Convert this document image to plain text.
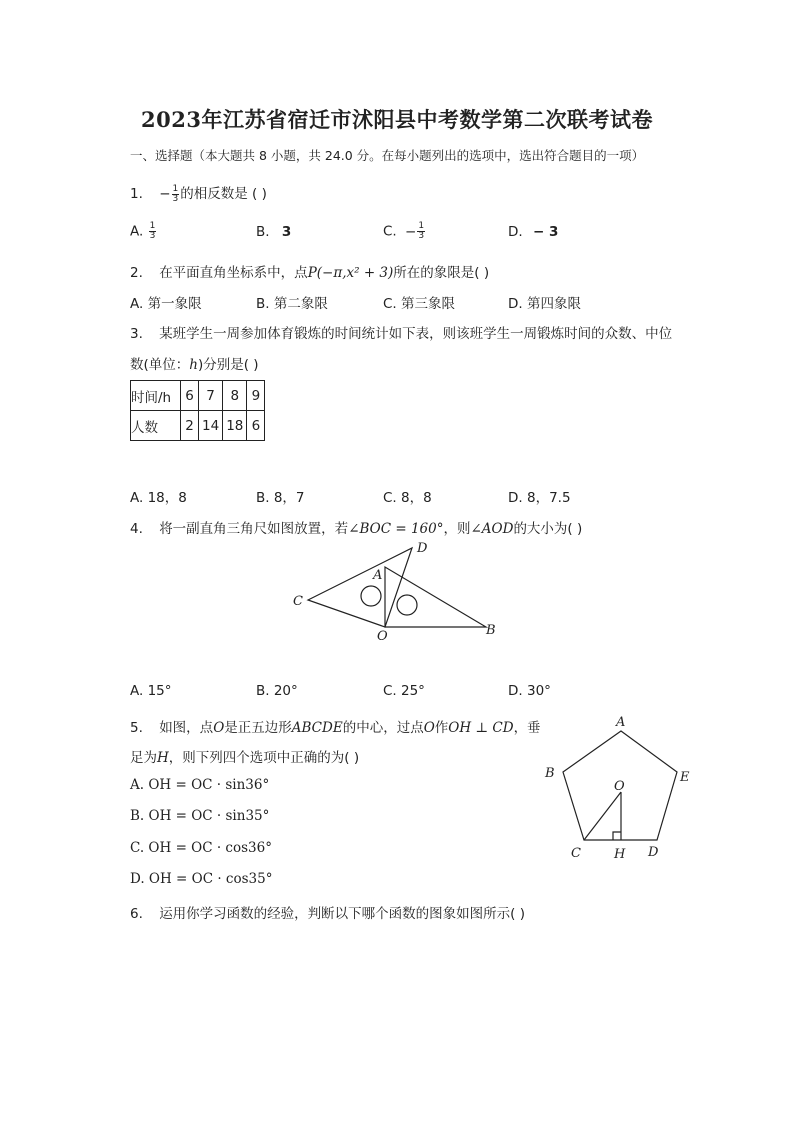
2023年江苏省宿迁市沭阳县中考数学第二次联考试卷
一、选择题（本大题共 8 小题，共 24.0 分。在每小题列出的选项中，选出符合题目的一项）
1. − $\frac{1}{3}$ 的相反数是 ( )
A. $\frac{1}{3}$	B. 3	C. − $\frac{1}{3}$	D. − 3
2. 在平面直角坐标系中，点P(−π,x² + 3)所在的象限是( )
A. 第一象限	B. 第二象限	C. 第三象限	D. 第四象限
3. 某班学生一周参加体育锻炼的时间统计如下表，则该班学生一周锻炼时间的众数、中位
数(单位：h)分别是( )
时间/h	6	7	8	9
人数	2	14	18	6
A. 18，8	B. 8，7	C. 8，8	D. 8，7.5
4. 将一副直角三角尺如图放置，若∠BOC = 160°，则∠AOD的大小为( )
D
A
C
O	B
A. 15°	B. 20°	C. 25°	D. 30°
5. 如图，点O是正五边形ABCDE的中心，过点O作OH ⊥ CD，垂
足为H，则下列四个选项中正确的为( )
A. OH = OC · sin36°
B. OH = OC · sin35°
C. OH = OC · cos36°
D. OH = OC · cos35°
A
B	E
O
C	H D
6. 运用你学习函数的经验，判断以下哪个函数的图象如图所示( )
